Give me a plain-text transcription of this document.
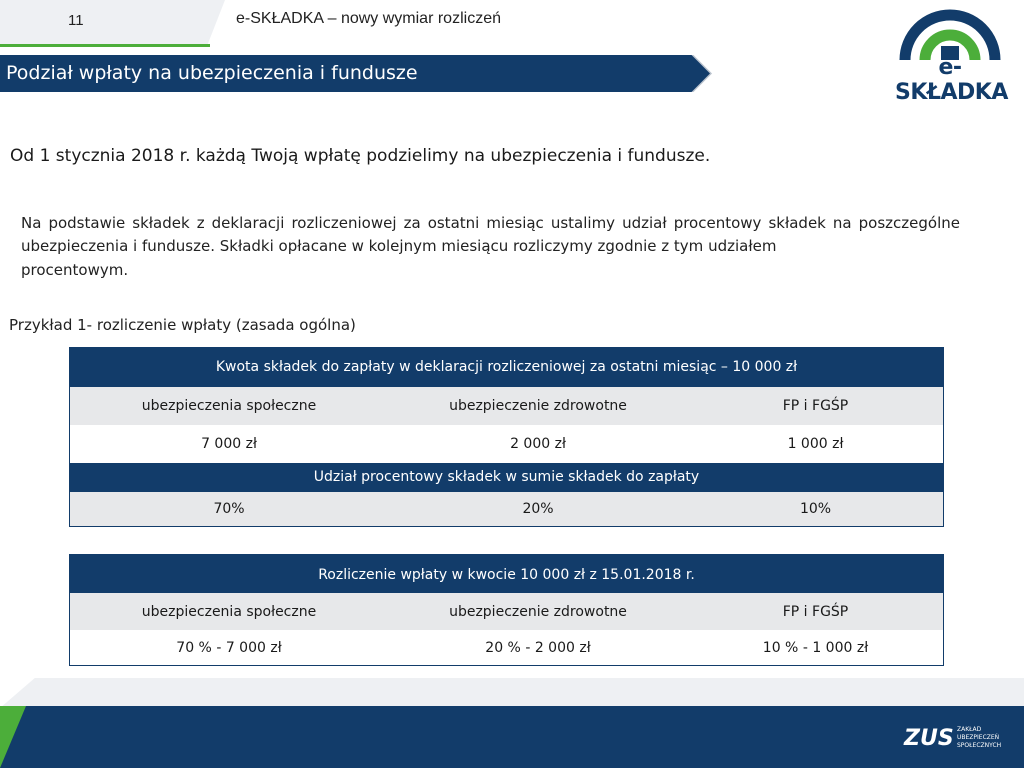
11	e-SKŁADKA – nowy wymiar rozliczeń
Podział wpłaty na ubezpieczenia i fundusze	e-SKŁADKA
Od 1 stycznia 2018 r. każdą Twoją wpłatę podzielimy na ubezpieczenia i fundusze.
Na podstawie składek z deklaracji rozliczeniowej za ostatni miesiąc ustalimy udział procentowy składek na poszczególne ubezpieczenia i fundusze. Składki opłacane w kolejnym miesiącu rozliczymy zgodnie z tym udziałem
procentowym.
Przykład 1- rozliczenie wpłaty (zasada ogólna)
Kwota składek do zapłaty w deklaracji rozliczeniowej za ostatni miesiąc – 10 000 zł
ubezpieczenia społeczne	ubezpieczenie zdrowotne	FP i FGŚP
7 000 zł	2 000 zł	1 000 zł
Udział procentowy składek w sumie składek do zapłaty
70%	20%	10%
Rozliczenie wpłaty w kwocie 10 000 zł z 15.01.2018 r.
ubezpieczenia społeczne	ubezpieczenie zdrowotne	FP i FGŚP
70 % - 7 000 zł	20 % - 2 000 zł	10 % - 1 000 zł
ZUS ZAKŁAD
UBEZPIECZEŃ
SPOŁECZNYCH
